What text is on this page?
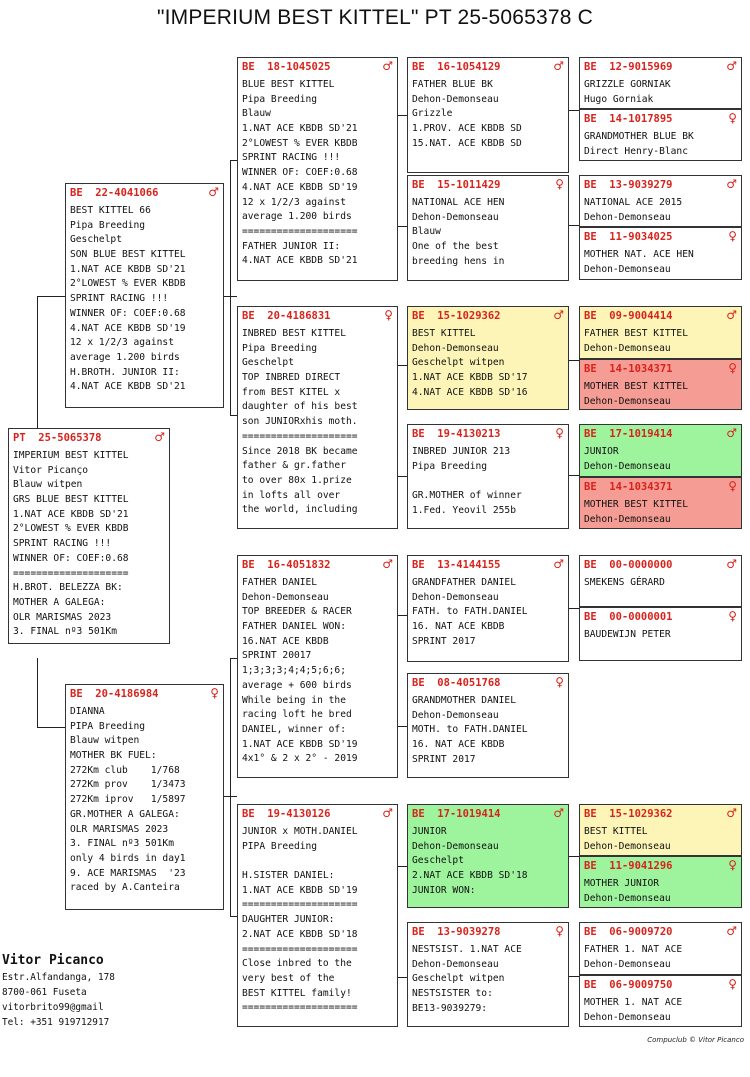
"IMPERIUM BEST KITTEL" PT 25-5065378 C
PT  25-5065378	♂
IMPERIUM BEST KITTEL
Vitor Picanço
Blauw witpen
GRS BLUE BEST KITTEL
1.NAT ACE KBDB SD'21
2°LOWEST % EVER KBDB
SPRINT RACING !!!
WINNER OF: COEF:0.68
====================
H.BROT. BELEZZA BK:
MOTHER A GALEGA:
OLR MARISMAS 2023
3. FINAL nº3 501Km
BE  22-4041066	♂
BEST KITTEL 66
Pipa Breeding
Geschelpt
SON BLUE BEST KITTEL
1.NAT ACE KBDB SD'21
2°LOWEST % EVER KBDB
SPRINT RACING !!!
WINNER OF: COEF:0.68
4.NAT ACE KBDB SD'19
12 x 1/2/3 against
average 1.200 birds
H.BROTH. JUNIOR II:
4.NAT ACE KBDB SD'21
BE  20-4186984	♀
DIANNA
PIPA Breeding
Blauw witpen
MOTHER BK FUEL:
272Km club    1/768
272Km prov    1/3473
272Km iprov   1/5897
GR.MOTHER A GALEGA:
OLR MARISMAS 2023
3. FINAL nº3 501Km
only 4 birds in day1
9. ACE MARISMAS  '23
raced by A.Canteira
BE  18-1045025	♂
BLUE BEST KITTEL
Pipa Breeding
Blauw
1.NAT ACE KBDB SD'21
2°LOWEST % EVER KBDB
SPRINT RACING !!!
WINNER OF: COEF:0.68
4.NAT ACE KBDB SD'19
12 x 1/2/3 against
average 1.200 birds
====================
FATHER JUNIOR II:
4.NAT ACE KBDB SD'21
BE  20-4186831	♀
INBRED BEST KITTEL
Pipa Breeding
Geschelpt
TOP INBRED DIRECT
from BEST KITEL x
daughter of his best
son JUNIORxhis moth.
====================
Since 2018 BK became
father & gr.father
to over 80x 1.prize
in lofts all over
the world, including
BE  16-4051832	♂
FATHER DANIEL
Dehon-Demonseau
TOP BREEDER & RACER
FATHER DANIEL WON:
16.NAT ACE KBDB
SPRINT 20017
1;3;3;3;4;4;5;6;6;
average + 600 birds
While being in the
racing loft he bred
DANIEL, winner of:
1.NAT ACE KBDB SD'19
4x1° & 2 x 2° - 2019
BE  19-4130126	♂
JUNIOR x MOTH.DANIEL
PIPA Breeding
H.SISTER DANIEL:
1.NAT ACE KBDB SD'19
====================
DAUGHTER JUNIOR:
2.NAT ACE KBDB SD'18
====================
Close inbred to the
very best of the
BEST KITTEL family!
====================
BE  16-1054129	♂
FATHER BLUE BK
Dehon-Demonseau
Grizzle
1.PROV. ACE KBDB SD
15.NAT. ACE KBDB SD
BE  15-1011429	♀
NATIONAL ACE HEN
Dehon-Demonseau
Blauw
One of the best
breeding hens in
BE  15-1029362	♂
BEST KITTEL
Dehon-Demonseau
Geschelpt witpen
1.NAT ACE KBDB SD'17
4.NAT ACE KBDB SD'16
BE  19-4130213	♀
INBRED JUNIOR 213
Pipa Breeding
GR.MOTHER of winner
1.Fed. Yeovil 255b
BE  13-4144155	♂
GRANDFATHER DANIEL
Dehon-Demonseau
FATH. to FATH.DANIEL
16. NAT ACE KBDB
SPRINT 2017
BE  08-4051768	♀
GRANDMOTHER DANIEL
Dehon-Demonseau
MOTH. to FATH.DANIEL
16. NAT ACE KBDB
SPRINT 2017
BE  17-1019414	♂
JUNIOR
Dehon-Demonseau
Geschelpt
2.NAT ACE KBDB SD'18
JUNIOR WON:
BE  13-9039278	♀
NESTSIST. 1.NAT ACE
Dehon-Demonseau
Geschelpt witpen
NESTSISTER to:
BE13-9039279:
BE  12-9015969	♂
GRIZZLE GORNIAK
Hugo Gorniak
BE  14-1017895	♀
GRANDMOTHER BLUE BK
Direct Henry-Blanc
BE  13-9039279	♂
NATIONAL ACE 2015
Dehon-Demonseau
BE  11-9034025	♀
MOTHER NAT. ACE HEN
Dehon-Demonseau
BE  09-9004414	♂
FATHER BEST KITTEL
Dehon-Demonseau
BE  14-1034371	♀
MOTHER BEST KITTEL
Dehon-Demonseau
BE  17-1019414	♂
JUNIOR
Dehon-Demonseau
BE  14-1034371	♀
MOTHER BEST KITTEL
Dehon-Demonseau
BE  00-0000000	♂
SMEKENS GÉRARD
BE  00-0000001	♀
BAUDEWIJN PETER
BE  15-1029362	♂
BEST KITTEL
Dehon-Demonseau
BE  11-9041296	♀
MOTHER JUNIOR
Dehon-Demonseau
BE  06-9009720	♂
FATHER 1. NAT ACE
Dehon-Demonseau
BE  06-9009750	♀
MOTHER 1. NAT ACE
Dehon-Demonseau
Vitor Picanco
Estr.Alfandanga, 178
8700-061 Fuseta
vitorbrito99@gmail
Tel: +351 919712917
Compuclub © Vitor Picanco
